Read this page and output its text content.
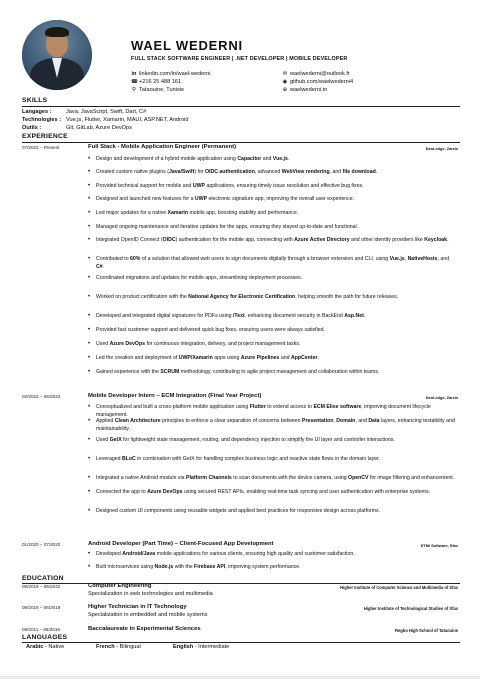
WAEL WEDERNI
FULL STACK SOFTWARE ENGINEER | .NET DEVELOPER | MOBILE DEVELOPER
in linkedin.com/in/wael-wederni
☎ +216 25 488 161
⚲ Tataouine, Tunisie
✉ waelwederni@outlook.fr
◉ github.com/waelwederni4
⊕ waelwederni.tn
SKILLS
Langages :	Java, JavaScript, Swift, Dart, C#
Technologies : Vue.js, Flutter, Xamarin, MAUI, ASP.NET, Android
Outils :	Git, GitLab, Azure DevOps
EXPERIENCE
07/2022 – Present	Full Stack - Mobile Application Engineer (Permanent)	NeoLedge, Zarzis
• Design and development of a hybrid mobile application using Capacitor and Vue.js.
• Created custom native plugins (Java/Swift) for OIDC authentication, advanced WebView rendering, and file download.
• Provided technical support for mobile and UWP applications, ensuring timely issue resolution and effective bug fixes.
• Designed and launched new features for a UWP electronic signature app, improving the overall user experience.
• Led major updates for a native Xamarin mobile app, boosting stability and performance.
• Managed ongoing maintenance and iterative updates for the apps, ensuring they stayed up-to-date and functional.
• Integrated OpenID Connect (OIDC) authentication for the mobile app, connecting with Azure Active Directory and other identity providers like Keycloak.
• Contributed to 60% of a solution that allowed web users to sign documents digitally through a browser extension and CLI, using Vue.js, NativeHosts, and C#.
• Coordinated migrations and updates for mobile apps, streamlining deployment processes.
• Worked on product certification with the National Agency for Electronic Certification, helping smooth the path for future releases.
• Developed and integrated digital signatures for PDFs using iText, enhancing document security in BackEnd Asp.Net.
• Provided fast customer support and delivered quick bug fixes, ensuring users were always satisfied.
• Used Azure DevOps for continuous integration, delivery, and project management tasks.
• Led the creation and deployment of UWP/Xamarin apps using Azure Pipelines and AppCenter.
• Gained experience with the SCRUM methodology, contributing to agile project management and collaboration within teams.
02/2022 – 06/2022	Mobile Developer Intern – ECM Integration (Final Year Project)	NeoLedge, Zarzis
• Conceptualized and built a cross-platform mobile application using Flutter to extend access to ECM Elise software, improving document lifecycle management.
• Applied Clean Architecture principles to enforce a clear separation of concerns between Presentation, Domain, and Data layers, enhancing testability and maintainability.
• Used GetX for lightweight state management, routing, and dependency injection to simplify the UI layer and controller interactions.
• Leveraged BLoC in combination with GetX for handling complex business logic and reactive state flows in the domain layer.
• Integrated a native Android module via Platform Channels to scan documents with the device camera, using OpenCV for image filtering and enhancement.
• Connected the app to Azure DevOps using secured REST APIs, enabling real-time task syncing and user authentication with enterprise systems.
• Designed custom UI components using reusable widgets and applied best practices for responsive design across platforms.
01/2020 – 07/2020	Android Developer (Part Time) – Client-Focused App Development	ETMI Software, Sfax
• Developed Android/Java mobile applications for various clients, ensuring high quality and customer satisfaction.
• Built microservices using Node.js with the Firebase API, improving system performance.
EDUCATION
09/2019 – 06/2022	Computer Engineering	Higher Institute of Computer Science and Multimedia of Sfax
Specialization in web technologies and multimedia
09/2016 – 06/2019	Higher Technician in IT Technology	Higher Institute of Technological Studies of Sfax
Specialization in embedded and mobile systems
09/2011 – 06/2016	Baccalaureate in Experimental Sciences	Regbo High School of Tataouine
LANGUAGES
Arabic - Native	French - Bilingual	English - Intermediate
